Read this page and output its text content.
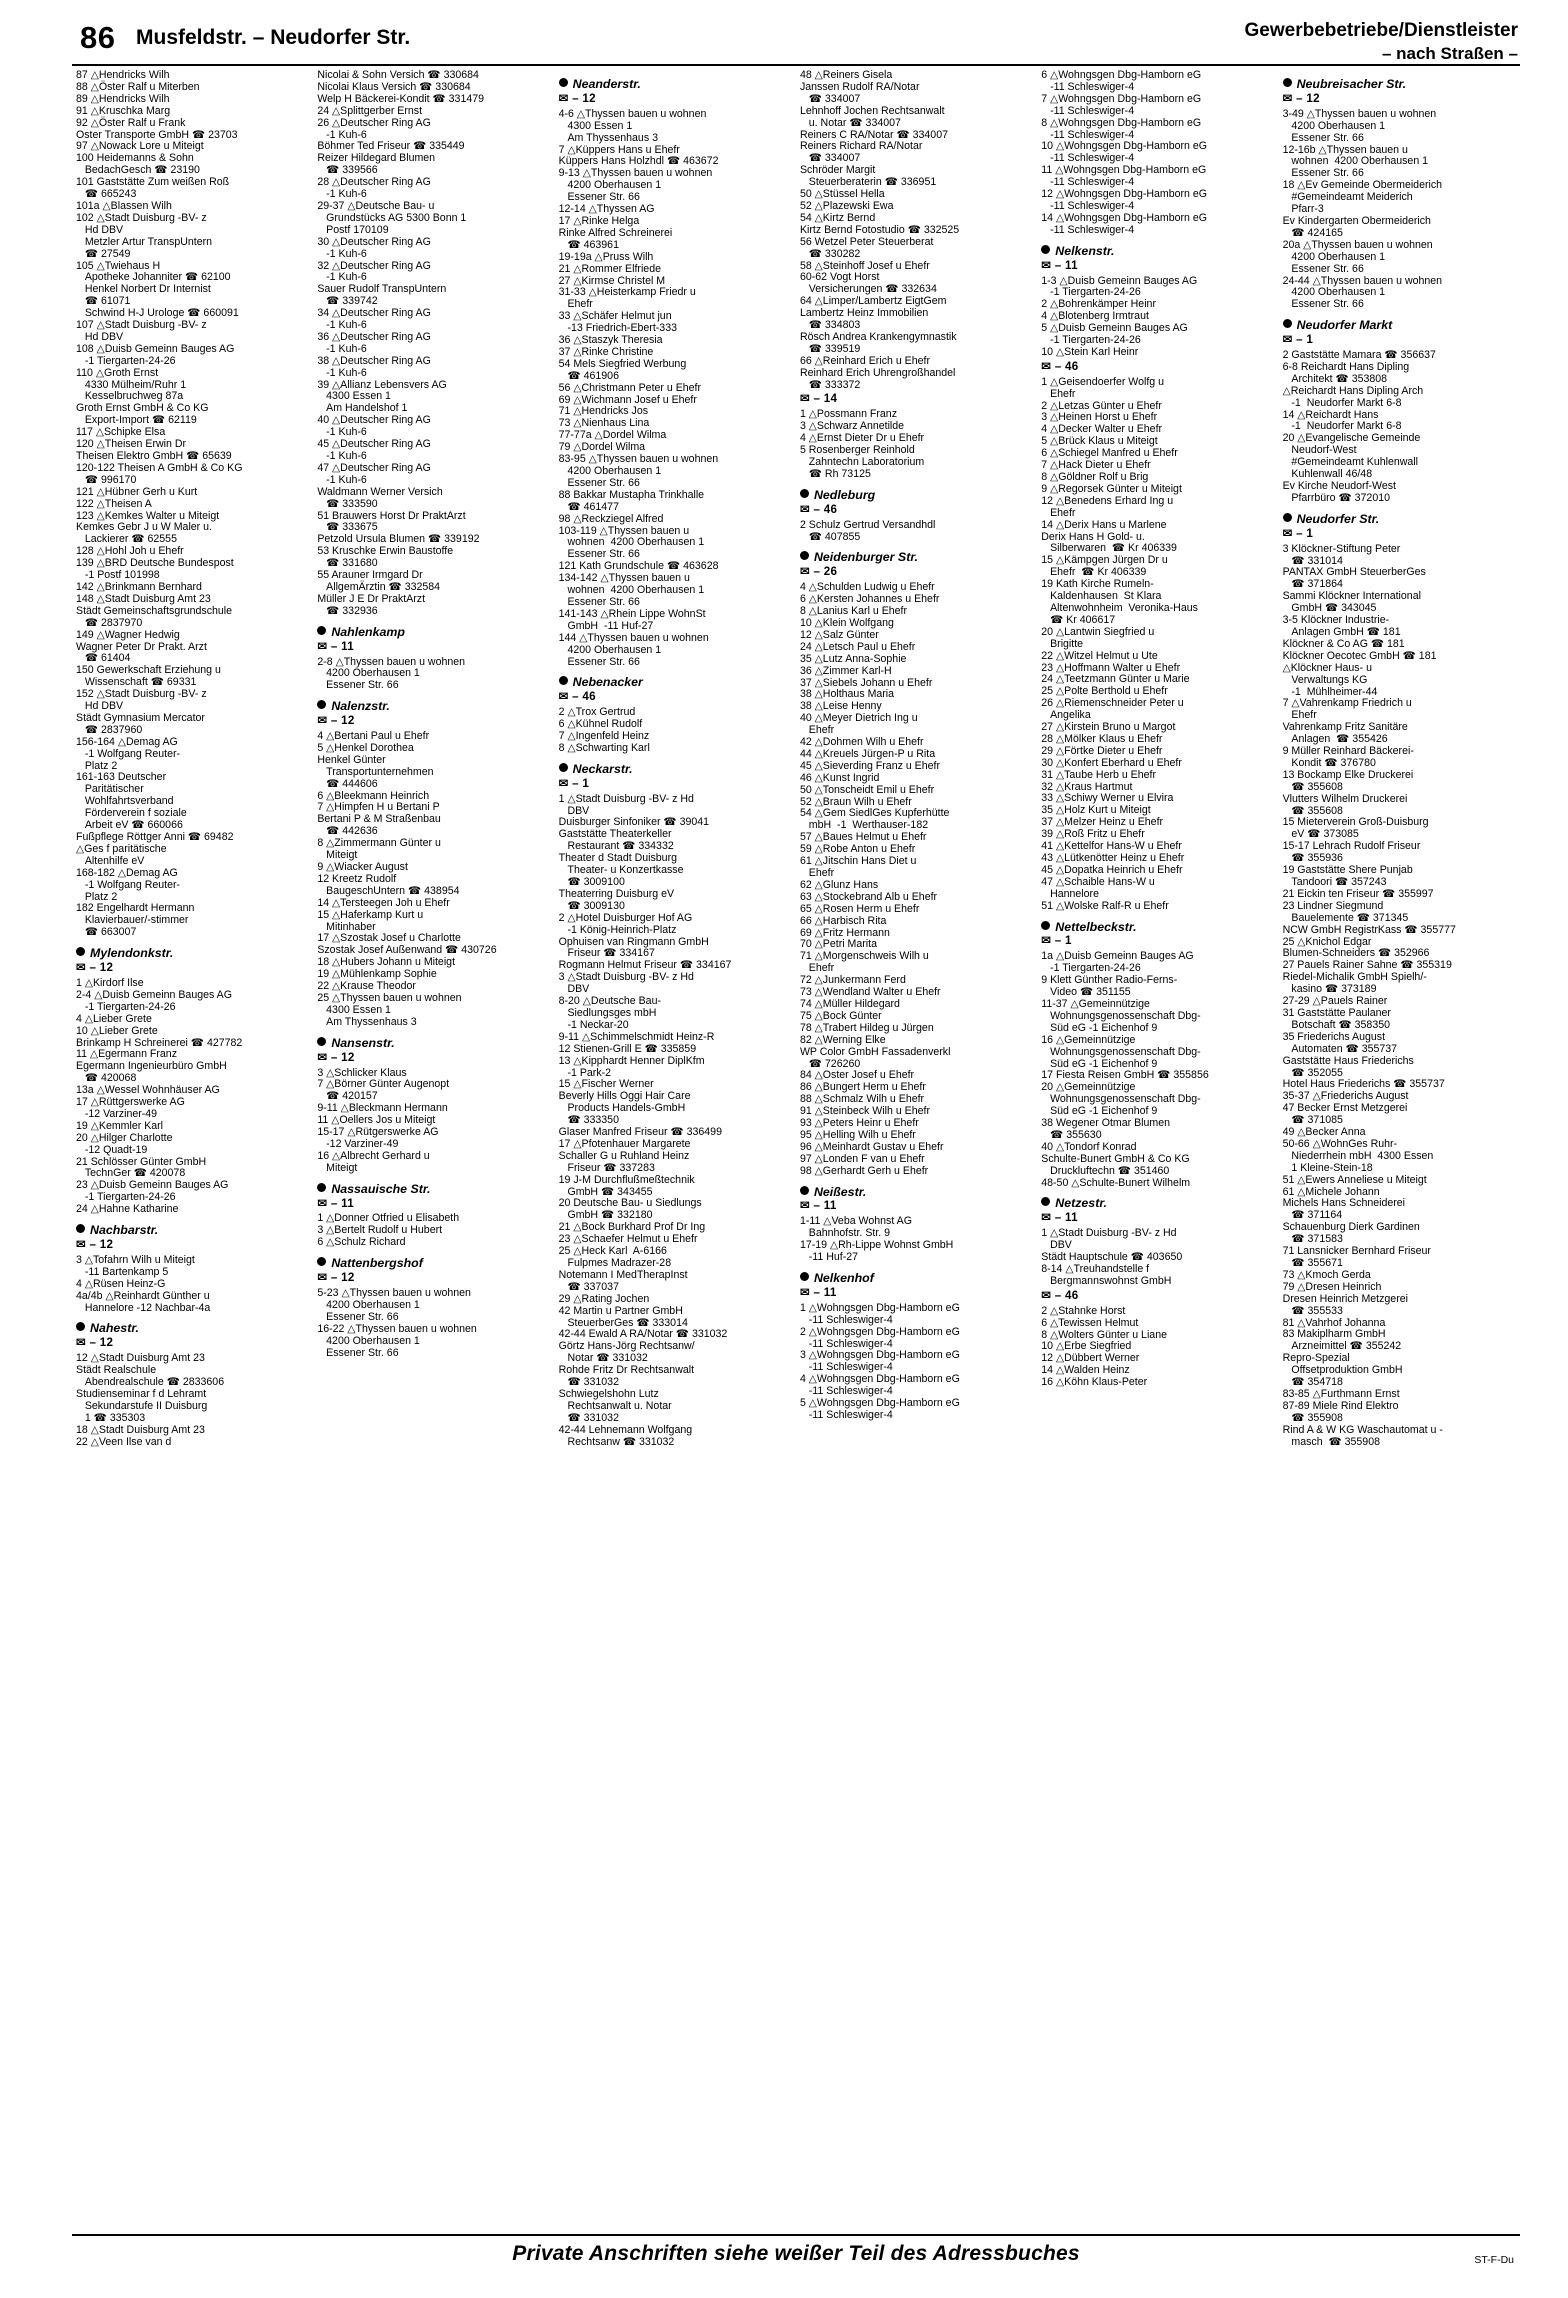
86 Musfeldstr. – Neudorfer Str.	Gewerbebetriebe/Dienstleister
– nach Straßen –
87 △Hendricks Wilh
88 △Öster Ralf u Miterben
89 △Hendricks Wilh
91 △Kruschka Marg
92 △Öster Ralf u Frank
Oster Transporte GmbH ☎ 23703
97 △Nowack Lore u Miteigt
100 Heidemanns & Sohn
BedachGesch ☎ 23190
101 Gaststätte Zum weißen Roß
☎ 665243
101a △Blassen Wilh
102 △Stadt Duisburg -BV- z
Hd DBV
Metzler Artur TranspUntern
☎ 27549
105 △Twiehaus H
Apotheke Johanniter ☎ 62100
Henkel Norbert Dr Internist
☎ 61071
Schwind H-J Urologe ☎ 660091
107 △Stadt Duisburg -BV- z
Hd DBV
108 △Duisb Gemeinn Bauges AG
-1 Tiergarten-24-26
110 △Groth Ernst
4330 Mülheim/Ruhr 1
Kesselbruchweg 87a
Groth Ernst GmbH & Co KG
Export-Import ☎ 62119
117 △Schipke Elsa
120 △Theisen Erwin Dr
Theisen Elektro GmbH ☎ 65639
120-122 Theisen A GmbH & Co KG
☎ 996170
121 △Hübner Gerh u Kurt
122 △Theisen A
123 △Kemkes Walter u Miteigt
Kemkes Gebr J u W Maler u.
Lackierer ☎ 62555
128 △Hohl Joh u Ehefr
139 △BRD Deutsche Bundespost
-1 Postf 101998
142 △Brinkmann Bernhard
148 △Stadt Duisburg Amt 23
Städt Gemeinschaftsgrundschule
☎ 2837970
149 △Wagner Hedwig
Wagner Peter Dr Prakt. Arzt
☎ 61404
150 Gewerkschaft Erziehung u
Wissenschaft ☎ 69331
152 △Stadt Duisburg -BV- z
Hd DBV
Städt Gymnasium Mercator
☎ 2837960
156-164 △Demag AG
-1 Wolfgang Reuter-
Platz 2
161-163 Deutscher
Paritätischer
Wohlfahrtsverband
Förderverein f soziale
Arbeit eV ☎ 660066
Fußpflege Röttger Anni ☎ 69482
△Ges f paritätische
Altenhilfe eV
168-182 △Demag AG
-1 Wolfgang Reuter-
Platz 2
182 Engelhardt Hermann
Klavierbauer/-stimmer
☎ 663007
Mylendonkstr.
✉ – 12
1 △Kirdorf Ilse
2-4 △Duisb Gemeinn Bauges AG
-1 Tiergarten-24-26
4 △Lieber Grete
10 △Lieber Grete
Brinkamp H Schreinerei ☎ 427782
11 △Egermann Franz
Egermann Ingenieurbüro GmbH
☎ 420068
13a △Wessel Wohnhäuser AG
17 △Rüttgerswerke AG
-12 Varziner-49
19 △Kemmler Karl
20 △Hilger Charlotte
-12 Quadt-19
21 Schlösser Günter GmbH
TechnGer ☎ 420078
23 △Duisb Gemeinn Bauges AG
-1 Tiergarten-24-26
24 △Hahne Katharine
Nachbarstr.
✉ – 12
3 △Tofahrn Wilh u Miteigt
-11 Bartenkamp 5
4 △Rüsen Heinz-G
4a/4b △Reinhardt Günther u
Hannelore -12 Nachbar-4a
Nahestr.
✉ – 12
12 △Stadt Duisburg Amt 23
Städt Realschule
Abendrealschule ☎ 2833606
Studienseminar f d Lehramt
Sekundarstufe II Duisburg
1 ☎ 335303
18 △Stadt Duisburg Amt 23
22 △Veen Ilse van d
Nicolai & Sohn Versich ☎ 330684
Nicolai Klaus Versich ☎ 330684
Welp H Bäckerei-Kondit ☎ 331479
24 △Splittgerber Ernst
26 △Deutscher Ring AG
-1 Kuh-6
Böhmer Ted Friseur ☎ 335449
Reizer Hildegard Blumen
☎ 339566
28 △Deutscher Ring AG
-1 Kuh-6
29-37 △Deutsche Bau- u
Grundstücks AG 5300 Bonn 1
Postf 170109
30 △Deutscher Ring AG
-1 Kuh-6
32 △Deutscher Ring AG
-1 Kuh-6
Sauer Rudolf TranspUntern
☎ 339742
34 △Deutscher Ring AG
-1 Kuh-6
36 △Deutscher Ring AG
-1 Kuh-6
38 △Deutscher Ring AG
-1 Kuh-6
39 △Allianz Lebensvers AG
4300 Essen 1
Am Handelshof 1
40 △Deutscher Ring AG
-1 Kuh-6
45 △Deutscher Ring AG
-1 Kuh-6
47 △Deutscher Ring AG
-1 Kuh-6
Waldmann Werner Versich
☎ 333590
51 Brauwers Horst Dr PraktArzt
☎ 333675
Petzold Ursula Blumen ☎ 339192
53 Kruschke Erwin Baustoffe
☎ 331680
55 Arauner Irmgard Dr
AllgemÄrztin ☎ 332584
Müller J E Dr PraktArzt
☎ 332936
Nahlenkamp
✉ – 11
2-8 △Thyssen bauen u wohnen
4200 Oberhausen 1
Essener Str. 66
Nalenzstr.
✉ – 12
4 △Bertani Paul u Ehefr
5 △Henkel Dorothea
Henkel Günter
Transportunternehmen
☎ 444606
6 △Bleekmann Heinrich
7 △Himpfen H u Bertani P
Bertani P & M Straßenbau
☎ 442636
8 △Zimmermann Günter u
Miteigt
9 △Wiacker August
12 Kreetz Rudolf
BaugeschUntern ☎ 438954
14 △Tersteegen Joh u Ehefr
15 △Haferkamp Kurt u
Mitinhaber
17 △Szostak Josef u Charlotte
Szostak Josef Außenwand ☎ 430726
18 △Hubers Johann u Miteigt
19 △Mühlenkamp Sophie
22 △Krause Theodor
25 △Thyssen bauen u wohnen
4300 Essen 1
Am Thyssenhaus 3
Nansenstr.
✉ – 12
3 △Schlicker Klaus
7 △Börner Günter Augenopt
☎ 420157
9-11 △Bleckmann Hermann
11 △Oellers Jos u Miteigt
15-17 △Rütgerswerke AG
-12 Varziner-49
16 △Albrecht Gerhard u
Miteigt
Nassauische Str.
✉ – 11
1 △Donner Otfried u Elisabeth
3 △Bertelt Rudolf u Hubert
6 △Schulz Richard
Nattenbergshof
✉ – 12
5-23 △Thyssen bauen u wohnen
4200 Oberhausen 1
Essener Str. 66
16-22 △Thyssen bauen u wohnen
4200 Oberhausen 1
Essener Str. 66
Neanderstr.
✉ – 12
4-6 △Thyssen bauen u wohnen
4300 Essen 1
Am Thyssenhaus 3
7 △Küppers Hans u Ehefr
Küppers Hans Holzhdl ☎ 463672
9-13 △Thyssen bauen u wohnen
4200 Oberhausen 1
Essener Str. 66
12-14 △Thyssen AG
17 △Rinke Helga
Rinke Alfred Schreinerei
☎ 463961
19-19a △Pruss Wilh
21 △Rommer Elfriede
27 △Kirmse Christel M
31-33 △Heisterkamp Friedr u
Ehefr
33 △Schäfer Helmut jun
-13 Friedrich-Ebert-333
36 △Staszyk Theresia
37 △Rinke Christine
54 Mels Siegfried Werbung
☎ 461906
56 △Christmann Peter u Ehefr
69 △Wichmann Josef u Ehefr
71 △Hendricks Jos
73 △Nienhaus Lina
77-77a △Dordel Wilma
79 △Dordel Wilma
83-95 △Thyssen bauen u wohnen
4200 Oberhausen 1
Essener Str. 66
88 Bakkar Mustapha Trinkhalle
☎ 461477
98 △Reckziegel Alfred
103-119 △Thyssen bauen u
wohnen  4200 Oberhausen 1
Essener Str. 66
121 Kath Grundschule ☎ 463628
134-142 △Thyssen bauen u
wohnen  4200 Oberhausen 1
Essener Str. 66
141-143 △Rhein Lippe WohnSt
GmbH  -11 Huf-27
144 △Thyssen bauen u wohnen
4200 Oberhausen 1
Essener Str. 66
Nebenacker
✉ – 46
2 △Trox Gertrud
6 △Kühnel Rudolf
7 △Ingenfeld Heinz
8 △Schwarting Karl
Neckarstr.
✉ – 1
1 △Stadt Duisburg -BV- z Hd
DBV
Duisburger Sinfoniker ☎ 39041
Gaststätte Theaterkeller
Restaurant ☎ 334332
Theater d Stadt Duisburg
Theater- u Konzertkasse
☎ 3009100
Theaterring Duisburg eV
☎ 3009130
2 △Hotel Duisburger Hof AG
-1 König-Heinrich-Platz
Ophuisen van Ringmann GmbH
Friseur ☎ 334167
Rogmann Helmut Friseur ☎ 334167
3 △Stadt Duisburg -BV- z Hd
DBV
8-20 △Deutsche Bau-
Siedlungsges mbH
-1 Neckar-20
9-11 △Schimmelschmidt Heinz-R
12 Stienen-Grill E ☎ 335859
13 △Kipphardt Henner DiplKfm
-1 Park-2
15 △Fischer Werner
Beverly Hills Oggi Hair Care
Products Handels-GmbH
☎ 333350
Glaser Manfred Friseur ☎ 336499
17 △Pfotenhauer Margarete
Schaller G u Ruhland Heinz
Friseur ☎ 337283
19 J-M Durchflußmeßtechnik
GmbH ☎ 343455
20 Deutsche Bau- u Siedlungs
GmbH ☎ 332180
21 △Bock Burkhard Prof Dr Ing
23 △Schaefer Helmut u Ehefr
25 △Heck Karl  A-6166
Fulpmes Madrazer-28
Notemann I MedTherapInst
☎ 337037
29 △Rating Jochen
42 Martin u Partner GmbH
SteuerberGes ☎ 333014
42-44 Ewald A RA/Notar ☎ 331032
Görtz Hans-Jörg Rechtsanw/
Notar ☎ 331032
Rohde Fritz Dr Rechtsanwalt
☎ 331032
Schwiegelshohn Lutz
Rechtsanwalt u. Notar
☎ 331032
42-44 Lehnemann Wolfgang
Rechtsanw ☎ 331032
48 △Reiners Gisela
Janssen Rudolf RA/Notar
☎ 334007
Lehnhoff Jochen Rechtsanwalt
u. Notar ☎ 334007
Reiners C RA/Notar ☎ 334007
Reiners Richard RA/Notar
☎ 334007
Schröder Margit
Steuerberaterin ☎ 336951
50 △Stüssel Hella
52 △Plazewski Ewa
54 △Kirtz Bernd
Kirtz Bernd Fotostudio ☎ 332525
56 Wetzel Peter Steuerberat
☎ 330282
58 △Steinhoff Josef u Ehefr
60-62 Vogt Horst
Versicherungen ☎ 332634
64 △Limper/Lambertz EigtGem
Lambertz Heinz Immobilien
☎ 334803
Rösch Andrea Krankengymnastik
☎ 339519
66 △Reinhard Erich u Ehefr
Reinhard Erich Uhrengroßhandel
☎ 333372
✉ – 14
1 △Possmann Franz
3 △Schwarz Annetilde
4 △Ernst Dieter Dr u Ehefr
5 Rosenberger Reinhold
Zahntechn Laboratorium
☎ Rh 73125
Nedleburg
✉ – 46
2 Schulz Gertrud Versandhdl
☎ 407855
Neidenburger Str.
✉ – 26
4 △Schulden Ludwig u Ehefr
6 △Kersten Johannes u Ehefr
8 △Lanius Karl u Ehefr
10 △Klein Wolfgang
12 △Salz Günter
24 △Letsch Paul u Ehefr
35 △Lutz Anna-Sophie
36 △Zimmer Karl-H
37 △Siebels Johann u Ehefr
38 △Holthaus Maria
38 △Leise Henny
40 △Meyer Dietrich Ing u
Ehefr
42 △Dohmen Wilh u Ehefr
44 △Kreuels Jürgen-P u Rita
45 △Sieverding Franz u Ehefr
46 △Kunst Ingrid
50 △Tonscheidt Emil u Ehefr
52 △Braun Wilh u Ehefr
54 △Gem SiedlGes Kupferhütte
mbH  -1  Werthauser-182
57 △Baues Helmut u Ehefr
59 △Robe Anton u Ehefr
61 △Jitschin Hans Diet u
Ehefr
62 △Glunz Hans
63 △Stockebrand Alb u Ehefr
65 △Rosen Herm u Ehefr
66 △Harbisch Rita
69 △Fritz Hermann
70 △Petri Marita
71 △Morgenschweis Wilh u
Ehefr
72 △Junkermann Ferd
73 △Wendland Walter u Ehefr
74 △Müller Hildegard
75 △Bock Günter
78 △Trabert Hildeg u Jürgen
82 △Werning Elke
WP Color GmbH Fassadenverkl
☎ 726260
84 △Oster Josef u Ehefr
86 △Bungert Herm u Ehefr
88 △Schmalz Wilh u Ehefr
91 △Steinbeck Wilh u Ehefr
93 △Peters Heinr u Ehefr
95 △Helling Wilh u Ehefr
96 △Meinhardt Gustav u Ehefr
97 △Londen F van u Ehefr
98 △Gerhardt Gerh u Ehefr
Neißestr.
✉ – 11
1-11 △Veba Wohnst AG
Bahnhofstr. Str. 9
17-19 △Rh-Lippe Wohnst GmbH
-11 Huf-27
Nelkenhof
✉ – 11
1 △Wohngsgen Dbg-Hamborn eG
-11 Schleswiger-4
2 △Wohngsgen Dbg-Hamborn eG
-11 Schleswiger-4
3 △Wohngsgen Dbg-Hamborn eG
-11 Schleswiger-4
4 △Wohngsgen Dbg-Hamborn eG
-11 Schleswiger-4
5 △Wohngsgen Dbg-Hamborn eG
-11 Schleswiger-4
6 △Wohngsgen Dbg-Hamborn eG
-11 Schleswiger-4
7 △Wohngsgen Dbg-Hamborn eG
-11 Schleswiger-4
8 △Wohngsgen Dbg-Hamborn eG
-11 Schleswiger-4
10 △Wohngsgen Dbg-Hamborn eG
-11 Schleswiger-4
11 △Wohngsgen Dbg-Hamborn eG
-11 Schleswiger-4
12 △Wohngsgen Dbg-Hamborn eG
-11 Schleswiger-4
14 △Wohngsgen Dbg-Hamborn eG
-11 Schleswiger-4
Nelkenstr.
✉ – 11
1-3 △Duisb Gemeinn Bauges AG
-1 Tiergarten-24-26
2 △Bohrenkämper Heinr
4 △Blotenberg Irmtraut
5 △Duisb Gemeinn Bauges AG
-1 Tiergarten-24-26
10 △Stein Karl Heinr
✉ – 46
1 △Geisendoerfer Wolfg u
Ehefr
2 △Letzas Günter u Ehefr
3 △Heinen Horst u Ehefr
4 △Decker Walter u Ehefr
5 △Brück Klaus u Miteigt
6 △Schiegel Manfred u Ehefr
7 △Hack Dieter u Ehefr
8 △Göldner Rolf u Brig
9 △Regorsek Günter u Miteigt
12 △Benedens Erhard Ing u
Ehefr
14 △Derix Hans u Marlene
Derix Hans H Gold- u.
Silberwaren  ☎ Kr 406339
15 △Kämpgen Jürgen Dr u
Ehefr  ☎ Kr 406339
19 Kath Kirche Rumeln-
Kaldenhausen  St Klara
Altenwohnheim  Veronika-Haus
☎ Kr 406617
20 △Lantwin Siegfried u
Brigitte
22 △Witzel Helmut u Ute
23 △Hoffmann Walter u Ehefr
24 △Teetzmann Günter u Marie
25 △Polte Berthold u Ehefr
26 △Riemenschneider Peter u
Angelika
27 △Kirstein Bruno u Margot
28 △Mölker Klaus u Ehefr
29 △Förtke Dieter u Ehefr
30 △Konfert Eberhard u Ehefr
31 △Taube Herb u Ehefr
32 △Kraus Hartmut
33 △Schiwy Werner u Elvira
35 △Holz Kurt u Miteigt
37 △Melzer Heinz u Ehefr
39 △Roß Fritz u Ehefr
41 △Kettelfor Hans-W u Ehefr
43 △Lütkenötter Heinz u Ehefr
45 △Dopatka Heinrich u Ehefr
47 △Schaible Hans-W u
Hannelore
51 △Wolske Ralf-R u Ehefr
Nettelbeckstr.
✉ – 1
1a △Duisb Gemeinn Bauges AG
-1 Tiergarten-24-26
9 Klett Günther Radio-Ferns-
Video ☎ 351155
11-37 △Gemeinnützige
Wohnungsgenossenschaft Dbg-
Süd eG -1 Eichenhof 9
16 △Gemeinnützige
Wohnungsgenossenschaft Dbg-
Süd eG -1 Eichenhof 9
17 Fiesta Reisen GmbH ☎ 355856
20 △Gemeinnützige
Wohnungsgenossenschaft Dbg-
Süd eG -1 Eichenhof 9
38 Wegener Otmar Blumen
☎ 355630
40 △Tondorf Konrad
Schulte-Bunert GmbH & Co KG
Druckluftechn ☎ 351460
48-50 △Schulte-Bunert Wilhelm
Netzestr.
✉ – 11
1 △Stadt Duisburg -BV- z Hd
DBV
Städt Hauptschule ☎ 403650
8-14 △Treuhandstelle f
Bergmannswohnst GmbH
✉ – 46
2 △Stahnke Horst
6 △Tewissen Helmut
8 △Wolters Günter u Liane
10 △Erbe Siegfried
12 △Dübbert Werner
14 △Walden Heinz
16 △Köhn Klaus-Peter
Neubreisacher Str.
✉ – 12
3-49 △Thyssen bauen u wohnen
4200 Oberhausen 1
Essener Str. 66
12-16b △Thyssen bauen u
wohnen  4200 Oberhausen 1
Essener Str. 66
18 △Ev Gemeinde Obermeiderich
#Gemeindeamt Meiderich
Pfarr-3
Ev Kindergarten Obermeiderich
☎ 424165
20a △Thyssen bauen u wohnen
4200 Oberhausen 1
Essener Str. 66
24-44 △Thyssen bauen u wohnen
4200 Oberhausen 1
Essener Str. 66
Neudorfer Markt
✉ – 1
2 Gaststätte Mamara ☎ 356637
6-8 Reichardt Hans Dipling
Architekt ☎ 353808
△Reichardt Hans Dipling Arch
-1  Neudorfer Markt 6-8
14 △Reichardt Hans
-1  Neudorfer Markt 6-8
20 △Evangelische Gemeinde
Neudorf-West
#Gemeindeamt Kuhlenwall
Kuhlenwall 46/48
Ev Kirche Neudorf-West
Pfarrbüro ☎ 372010
Neudorfer Str.
✉ – 1
3 Klöckner-Stiftung Peter
☎ 331014
PANTAX GmbH SteuerberGes
☎ 371864
Sammi Klöckner International
GmbH ☎ 343045
3-5 Klöckner Industrie-
Anlagen GmbH ☎ 181
Klöckner & Co AG ☎ 181
Klöckner Oecotec GmbH ☎ 181
△Klöckner Haus- u
Verwaltungs KG
-1  Mühlheimer-44
7 △Vahrenkamp Friedrich u
Ehefr
Vahrenkamp Fritz Sanitäre
Anlagen  ☎ 355426
9 Müller Reinhard Bäckerei-
Kondit ☎ 376780
13 Bockamp Elke Druckerei
☎ 355608
Vlutters Wilhelm Druckerei
☎ 355608
15 Mieterverein Groß-Duisburg
eV ☎ 373085
15-17 Lehrach Rudolf Friseur
☎ 355936
19 Gaststätte Shere Punjab
Tandoori ☎ 357243
21 Eickin ten Friseur ☎ 355997
23 Lindner Siegmund
Bauelemente ☎ 371345
NCW GmbH RegistrKass ☎ 355777
25 △Knichol Edgar
Blumen-Schneiders ☎ 352966
27 Pauels Rainer Sahne ☎ 355319
Riedel-Michalik GmbH Spielh/-
kasino ☎ 373189
27-29 △Pauels Rainer
31 Gaststätte Paulaner
Botschaft ☎ 358350
35 Friederichs August
Automaten ☎ 355737
Gaststätte Haus Friederichs
☎ 352055
Hotel Haus Friederichs ☎ 355737
35-37 △Friederichs August
47 Becker Ernst Metzgerei
☎ 371085
49 △Becker Anna
50-66 △WohnGes Ruhr-
Niederrhein mbH  4300 Essen
1 Kleine-Stein-18
51 △Ewers Anneliese u Miteigt
61 △Michele Johann
Michels Hans Schneiderei
☎ 371164
Schauenburg Dierk Gardinen
☎ 371583
71 Lansnicker Bernhard Friseur
☎ 355671
73 △Kmoch Gerda
79 △Dresen Heinrich
Dresen Heinrich Metzgerei
☎ 355533
81 △Vahrhof Johanna
83 Makiplharm GmbH
Arzneimittel ☎ 355242
Repro-Spezial
Offsetproduktion GmbH
☎ 354718
83-85 △Furthmann Ernst
87-89 Miele Rind Elektro
☎ 355908
Rind A & W KG Waschautomat u -
masch  ☎ 355908
Private Anschriften siehe weißer Teil des Adressbuches	ST-F-Du
